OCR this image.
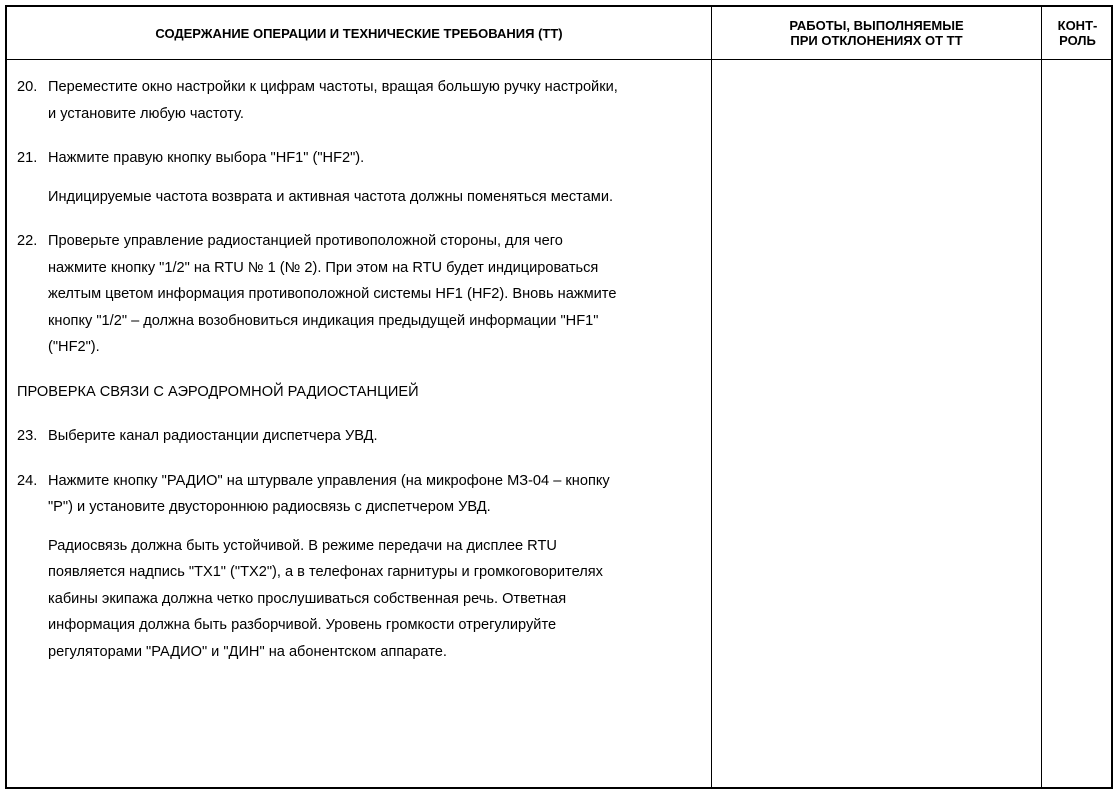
СОДЕРЖАНИЕ ОПЕРАЦИИ И ТЕХНИЧЕСКИЕ ТРЕБОВАНИЯ (ТТ)	РАБОТЫ, ВЫПОЛНЯЕМЫЕ
ПРИ ОТКЛОНЕНИЯХ ОТ ТТ
КОНТ-
РОЛЬ
20. Переместите окно настройки к цифрам частоты, вращая большую ручку настройки,
и установите любую частоту.
21. Нажмите правую кнопку выбора "HF1" ("HF2").
Индицируемые частота возврата и активная частота должны поменяться местами.
22. Проверьте управление радиостанцией противоположной стороны, для чего
нажмите кнопку "1/2" на RTU № 1 (№ 2). При этом на RTU будет индицироваться
желтым цветом информация противоположной системы HF1 (HF2). Вновь нажмите
кнопку "1/2" – должна возобновиться индикация предыдущей информации "HF1"
("HF2").
ПРОВЕРКА СВЯЗИ С АЭРОДРОМНОЙ РАДИОСТАНЦИЕЙ
23. Выберите канал радиостанции диспетчера УВД.
24. Нажмите кнопку "РАДИО" на штурвале управления (на микрофоне МЗ-04 – кнопку
"Р") и установите двустороннюю радиосвязь с диспетчером УВД.
Радиосвязь должна быть устойчивой. В режиме передачи на дисплее RTU
появляется надпись "ТХ1" ("ТХ2"), а в телефонах гарнитуры и громкоговорителях
кабины экипажа должна четко прослушиваться собственная речь. Ответная
информация должна быть разборчивой. Уровень громкости отрегулируйте
регуляторами "РАДИО" и "ДИН" на абонентском аппарате.
